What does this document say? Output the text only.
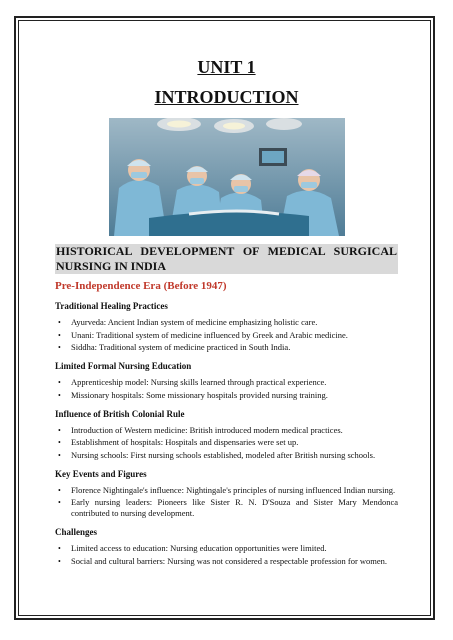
UNIT 1
INTRODUCTION
HISTORICAL DEVELOPMENT OF MEDICAL SURGICAL NURSING IN INDIA
Pre-Independence Era (Before 1947)
Traditional Healing Practices
• Ayurveda: Ancient Indian system of medicine emphasizing holistic care.
• Unani: Traditional system of medicine influenced by Greek and Arabic medicine.
• Siddha: Traditional system of medicine practiced in South India.
Limited Formal Nursing Education
• Apprenticeship model: Nursing skills learned through practical experience.
• Missionary hospitals: Some missionary hospitals provided nursing training.
Influence of British Colonial Rule
• Introduction of Western medicine: British introduced modern medical practices.
• Establishment of hospitals: Hospitals and dispensaries were set up.
• Nursing schools: First nursing schools established, modeled after British nursing schools.
Key Events and Figures
• Florence Nightingale's influence: Nightingale's principles of nursing influenced Indian nursing.
• Early nursing leaders: Pioneers like Sister R. N. D'Souza and Sister Mary Mendonca contributed to nursing development.
Challenges
• Limited access to education: Nursing education opportunities were limited.
• Social and cultural barriers: Nursing was not considered a respectable profession for women.
